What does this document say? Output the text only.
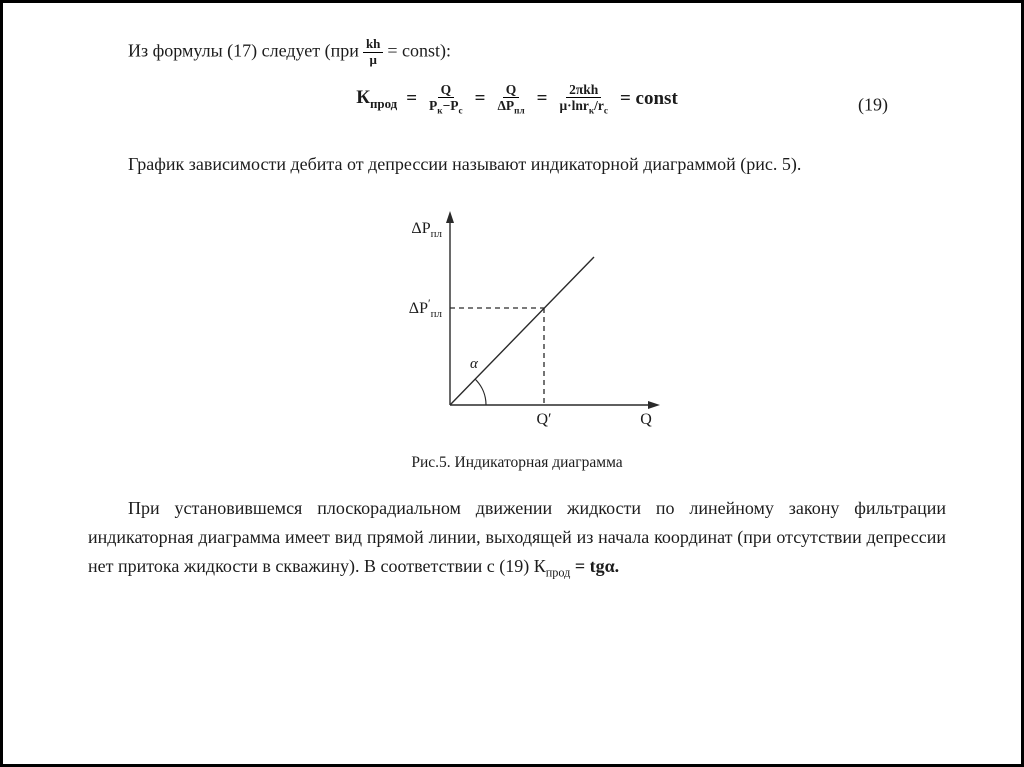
Из формулы (17) следует ($при \frac{kh}{\mu}$ = const):

$К_{прод} = \frac{Q}{P_к-P_с} = \frac{Q}{\Delta P_{пл}} = \frac{\text{2πkh}}{\mu\cdot\ln r_к/r_с}$ = const	(19)

График зависимости дебита от депрессии называют индикаторной диаграммой (рис. 5).

$\Delta P_{пл}$
$\Delta P'_{пл}$
α
Q′	Q

Рис.5. Индикаторная диаграмма

При установившемся плоскорадиальном движении жидкости по линейному закону фильтрации индикаторная диаграмма имеет вид прямой линии, выходящей из начала координат (при отсутствии депрессии нет притока жидкости в скважину). В соответствии с (19) $К_{прод} = tg\alpha$.
